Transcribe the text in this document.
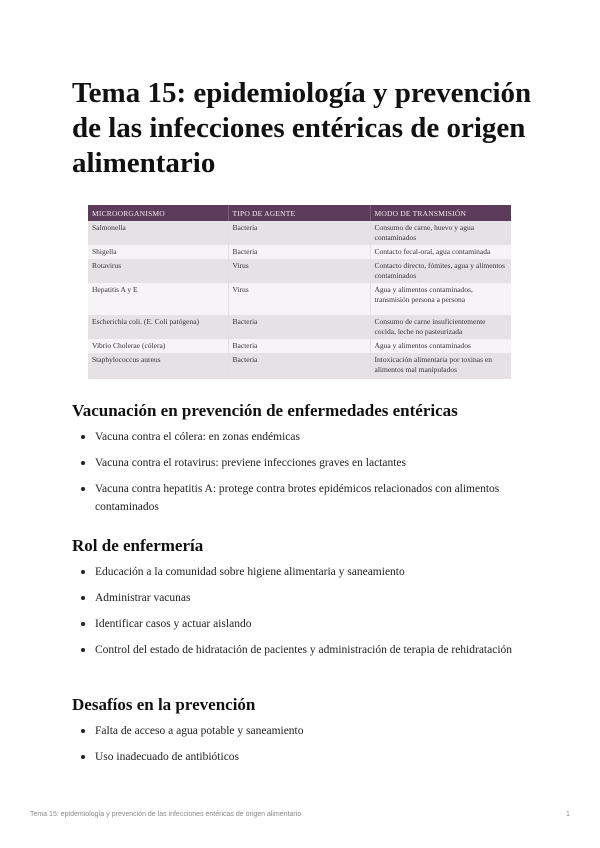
Tema 15: epidemiología y prevención de las infecciones entéricas de origen alimentario
MICROORGANISMO	TIPO DE AGENTE	MODO DE TRANSMISIÓN
Salmonella	Bacteria	Consumo de carne, huevo y agua contaminados
Shigella	Bacteria	Contacto fecal-oral, agua contaminada
Rotavirus	Virus	Contacto directo, fómites, agua y alimentos contaminados
Hepatitis A y E	Virus	Agua y alimentos contaminados, transmisión persona a persona
Escherichia coli. (E. Coli patógena)	Bacteria	Consumo de carne insuficientemente cocida, leche no pasteurizada
Vibrio Cholerae (cólera)	Bacteria	Agua y alimentos contaminados
Staphylococcus aureus	Bacteria	Intoxicación alimentaria por toxinas en alimentos mal manipulados
Vacunación en prevención de enfermedades entéricas
Vacuna contra el cólera: en zonas endémicas
Vacuna contra el rotavirus: previene infecciones graves en lactantes
Vacuna contra hepatitis A: protege contra brotes epidémicos relacionados con alimentos contaminados
Rol de enfermería
Educación a la comunidad sobre higiene alimentaria y saneamiento
Administrar vacunas
Identificar casos y actuar aislando
Control del estado de hidratación de pacientes y administración de terapia de rehidratación
Desafíos en la prevención
Falta de acceso a agua potable y saneamiento
Uso inadecuado de antibióticos
Tema 15: epidemiología y prevención de las infecciones entéricas de origen alimentario	1
